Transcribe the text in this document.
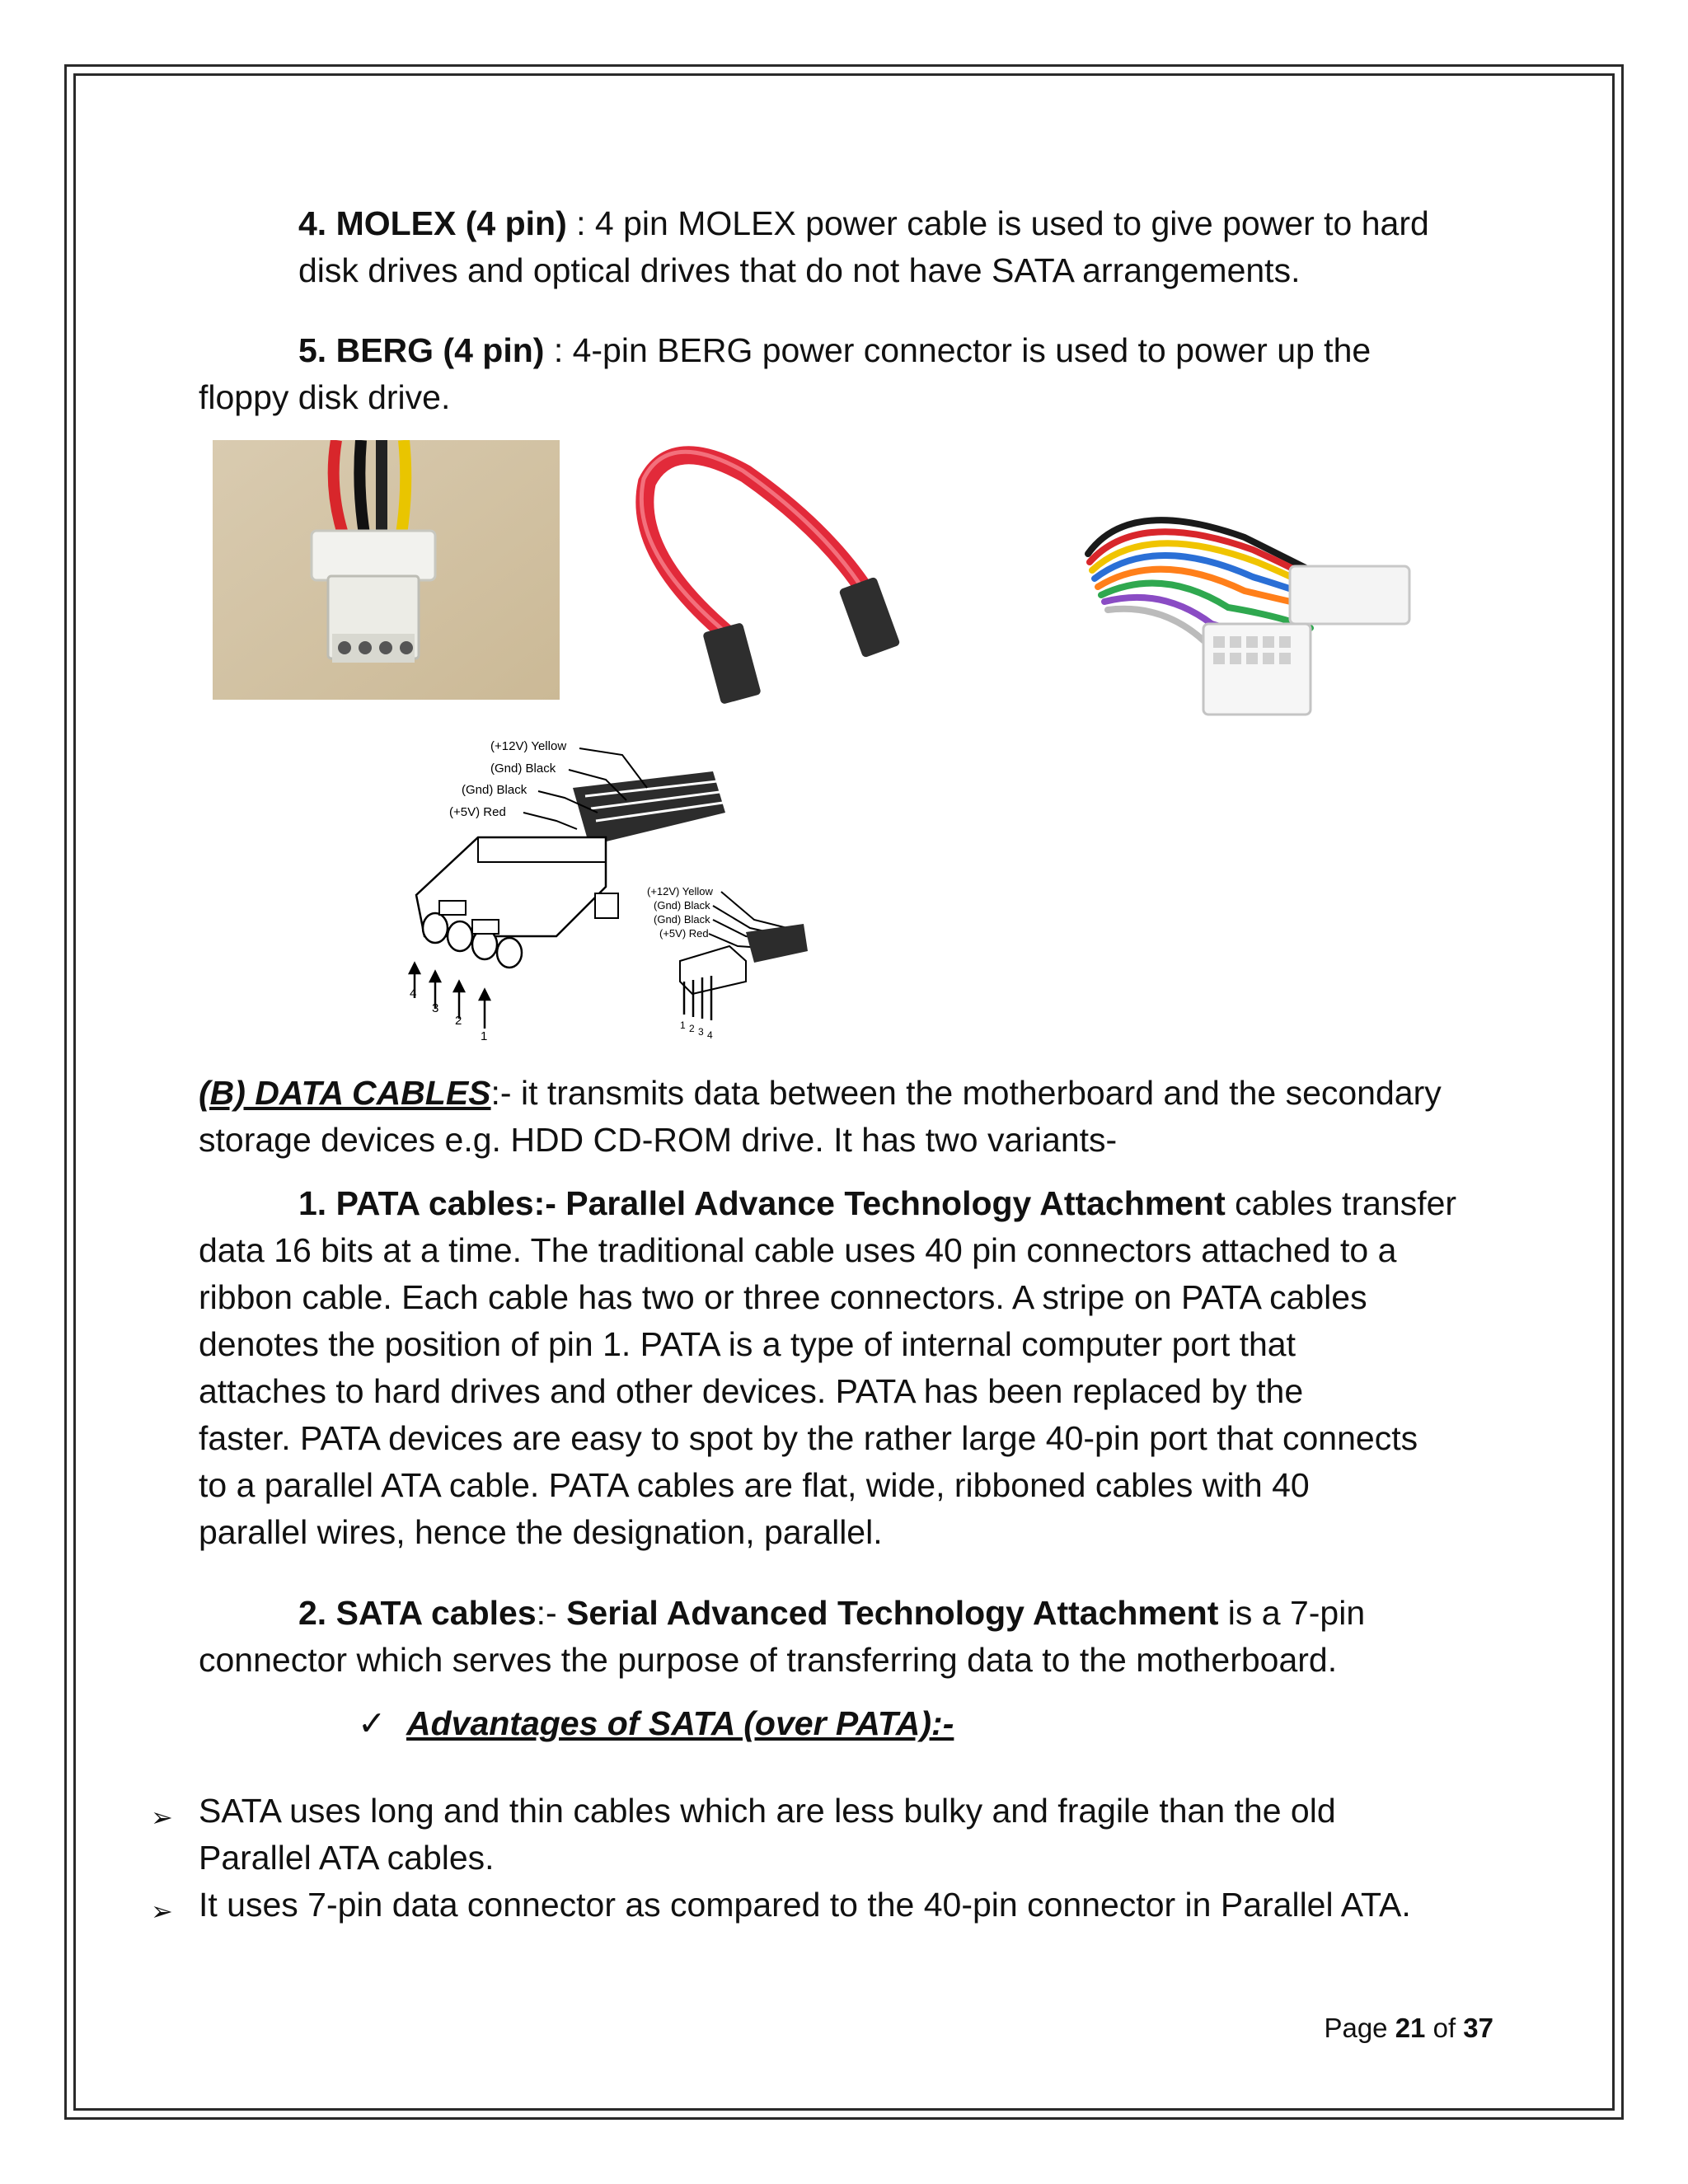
4. MOLEX (4 pin) : 4 pin MOLEX power cable is used to give power to hard
disk drives and optical drives that do not have SATA arrangements.
5. BERG (4 pin) : 4-pin BERG power connector is used to power up the
floppy disk drive.
(+12V) Yellow
(Gnd) Black
(Gnd) Black
(+5V) Red
4
3
2
1
(+12V) Yellow
(Gnd) Black
(Gnd) Black
(+5V) Red
1 2 3 4
(B) DATA CABLES:- it transmits data between the motherboard and the secondary
storage devices e.g. HDD CD-ROM drive. It has two variants-
1. PATA cables:- Parallel Advance Technology Attachment cables transfer
data 16 bits at a time. The traditional cable uses 40 pin connectors attached to a
ribbon cable. Each cable has two or three connectors. A stripe on PATA cables
denotes the position of pin 1. PATA is a type of internal computer port that
attaches to hard drives and other devices. PATA has been replaced by the
faster. PATA devices are easy to spot by the rather large 40-pin port that connects
to a parallel ATA cable. PATA cables are flat, wide, ribboned cables with 40
parallel wires, hence the designation, parallel.
2. SATA cables:- Serial Advanced Technology Attachment is a 7-pin
connector which serves the purpose of transferring data to the motherboard.
✓ Advantages of SATA (over PATA):-
➢ SATA uses long and thin cables which are less bulky and fragile than the old
Parallel ATA cables.
➢ It uses 7-pin data connector as compared to the 40-pin connector in Parallel ATA.
Page 21 of 37
